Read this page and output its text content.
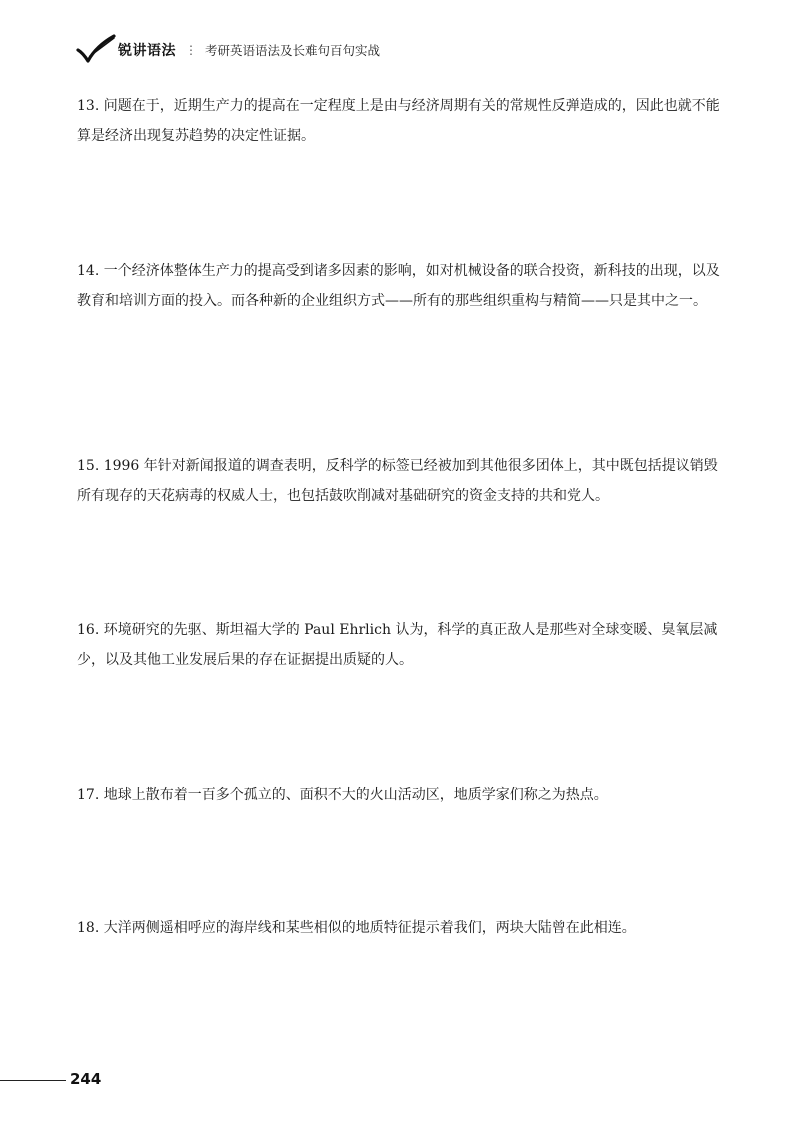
锐讲语法 ⋮ 考研英语语法及长难句百句实战

13. 问题在于，近期生产力的提高在一定程度上是由与经济周期有关的常规性反弹造成的，因此也就不能算是经济出现复苏趋势的决定性证据。

14. 一个经济体整体生产力的提高受到诸多因素的影响，如对机械设备的联合投资，新科技的出现，以及教育和培训方面的投入。而各种新的企业组织方式——所有的那些组织重构与精简——只是其中之一。

15. 1996 年针对新闻报道的调查表明，反科学的标签已经被加到其他很多团体上，其中既包括提议销毁所有现存的天花病毒的权威人士，也包括鼓吹削减对基础研究的资金支持的共和党人。

16. 环境研究的先驱、斯坦福大学的 Paul Ehrlich 认为，科学的真正敌人是那些对全球变暖、臭氧层减少，以及其他工业发展后果的存在证据提出质疑的人。

17. 地球上散布着一百多个孤立的、面积不大的火山活动区，地质学家们称之为热点。

18. 大洋两侧遥相呼应的海岸线和某些相似的地质特征提示着我们，两块大陆曾在此相连。

244
